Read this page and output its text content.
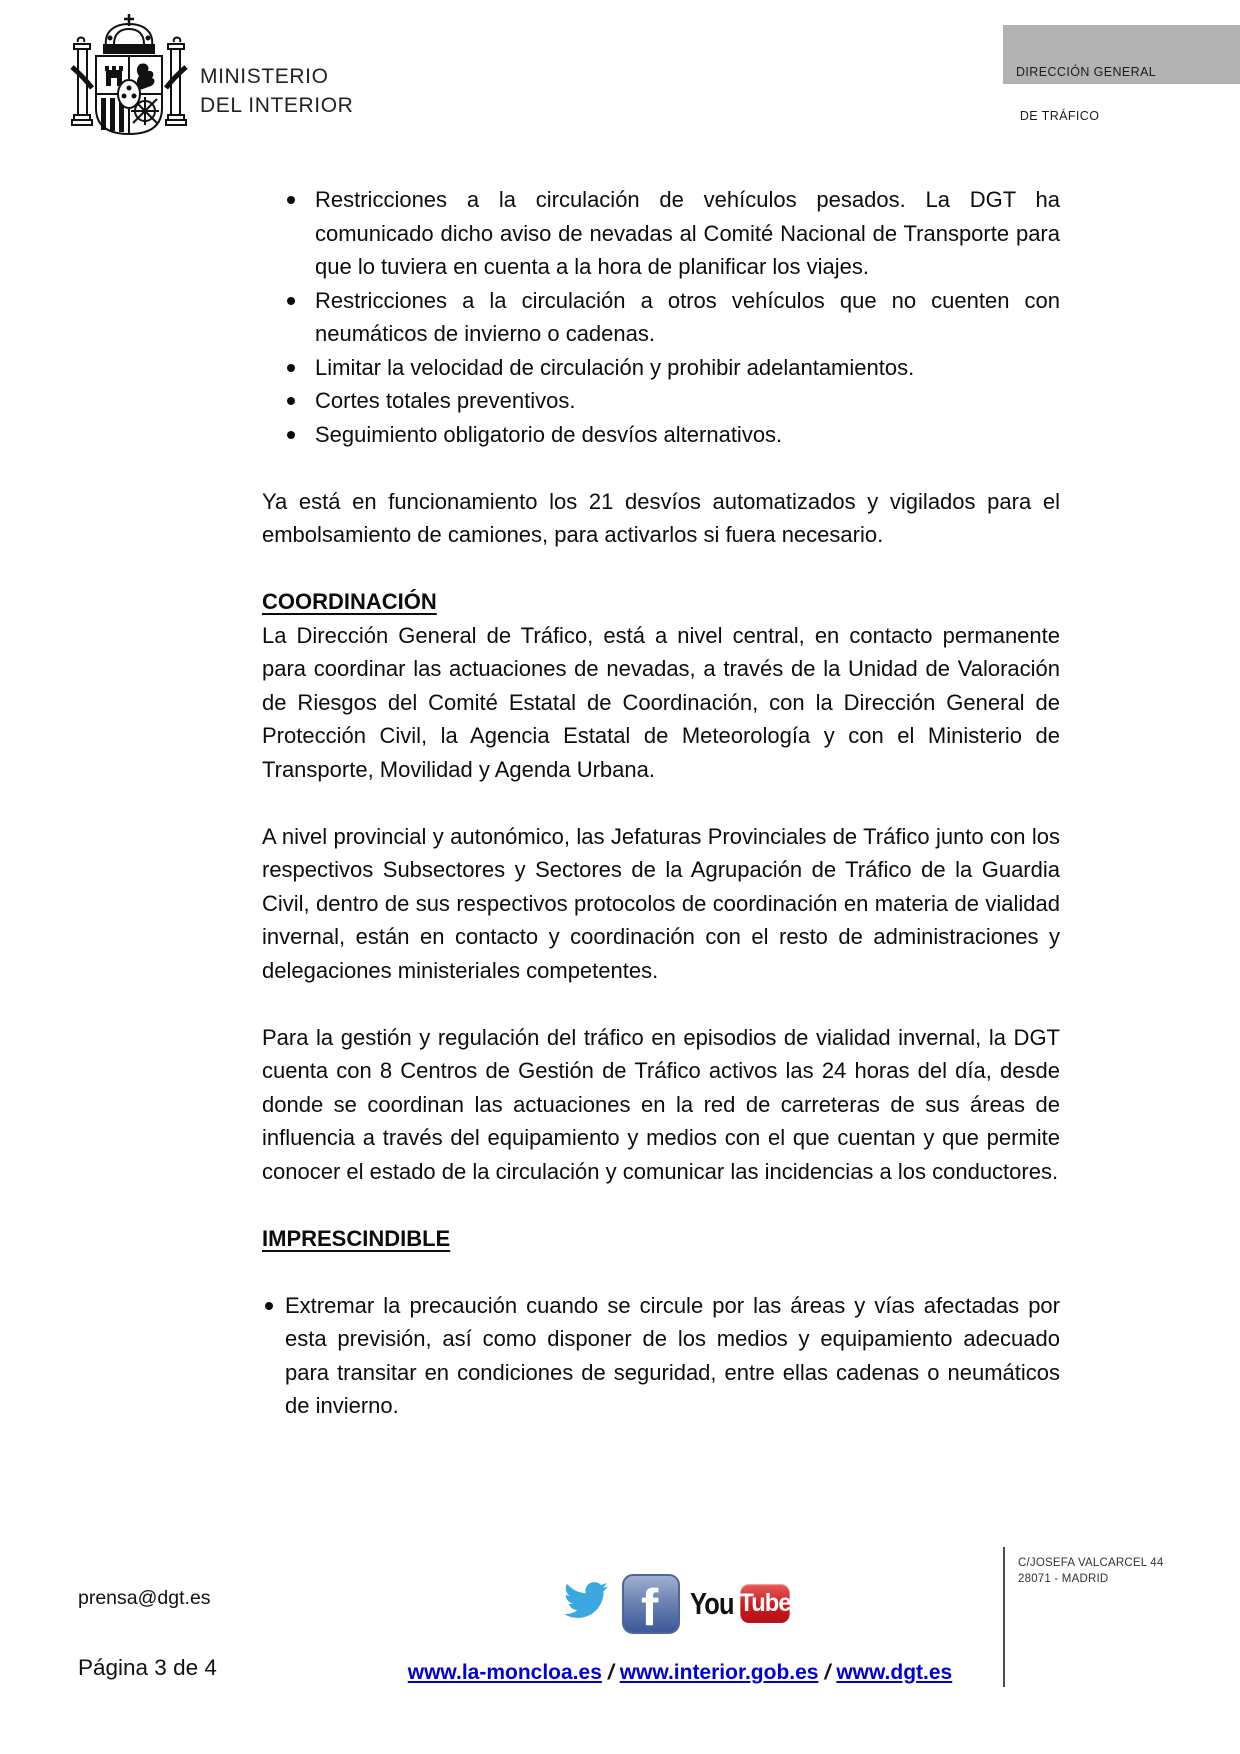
MINISTERIO
DEL INTERIOR

DIRECCIÓN GENERAL

DE TRÁFICO

Restricciones a la circulación de vehículos pesados. La DGT ha comunicado dicho aviso de nevadas al Comité Nacional de Transporte para que lo tuviera en cuenta a la hora de planificar los viajes.
Restricciones a la circulación a otros vehículos que no cuenten con neumáticos de invierno o cadenas.
Limitar la velocidad de circulación y prohibir adelantamientos.
Cortes totales preventivos.
Seguimiento obligatorio de desvíos alternativos.

Ya está en funcionamiento los 21 desvíos automatizados y vigilados para el embolsamiento de camiones, para activarlos si fuera necesario.

COORDINACIÓN

La Dirección General de Tráfico, está a nivel central, en contacto permanente para coordinar las actuaciones de nevadas, a través de la Unidad de Valoración de Riesgos del Comité Estatal de Coordinación, con la Dirección General de Protección Civil, la Agencia Estatal de Meteorología y con el Ministerio de Transporte, Movilidad y Agenda Urbana.

A nivel provincial y autonómico, las Jefaturas Provinciales de Tráfico junto con los respectivos Subsectores y Sectores de la Agrupación de Tráfico de la Guardia Civil, dentro de sus respectivos protocolos de coordinación en materia de vialidad invernal, están en contacto y coordinación con el resto de administraciones y delegaciones ministeriales competentes.

Para la gestión y regulación del tráfico en episodios de vialidad invernal, la DGT cuenta con 8 Centros de Gestión de Tráfico activos las 24 horas del día, desde donde se coordinan las actuaciones en la red de carreteras de sus áreas de influencia a través del equipamiento y medios con el que cuentan y que permite conocer el estado de la circulación y comunicar las incidencias a los conductores.

IMPRESCINDIBLE
Extremar la precaución cuando se circule por las áreas y vías afectadas por esta previsión, así como disponer de los medios y equipamiento adecuado para transitar en condiciones de seguridad, entre ellas cadenas o neumáticos de invierno.
prensa@dgt.es
Página 3 de 4
f You Tube
www.la-moncloa.es / www.interior.gob.es / www.dgt.es
C/JOSEFA VALCARCEL 44
28071 - MADRID
